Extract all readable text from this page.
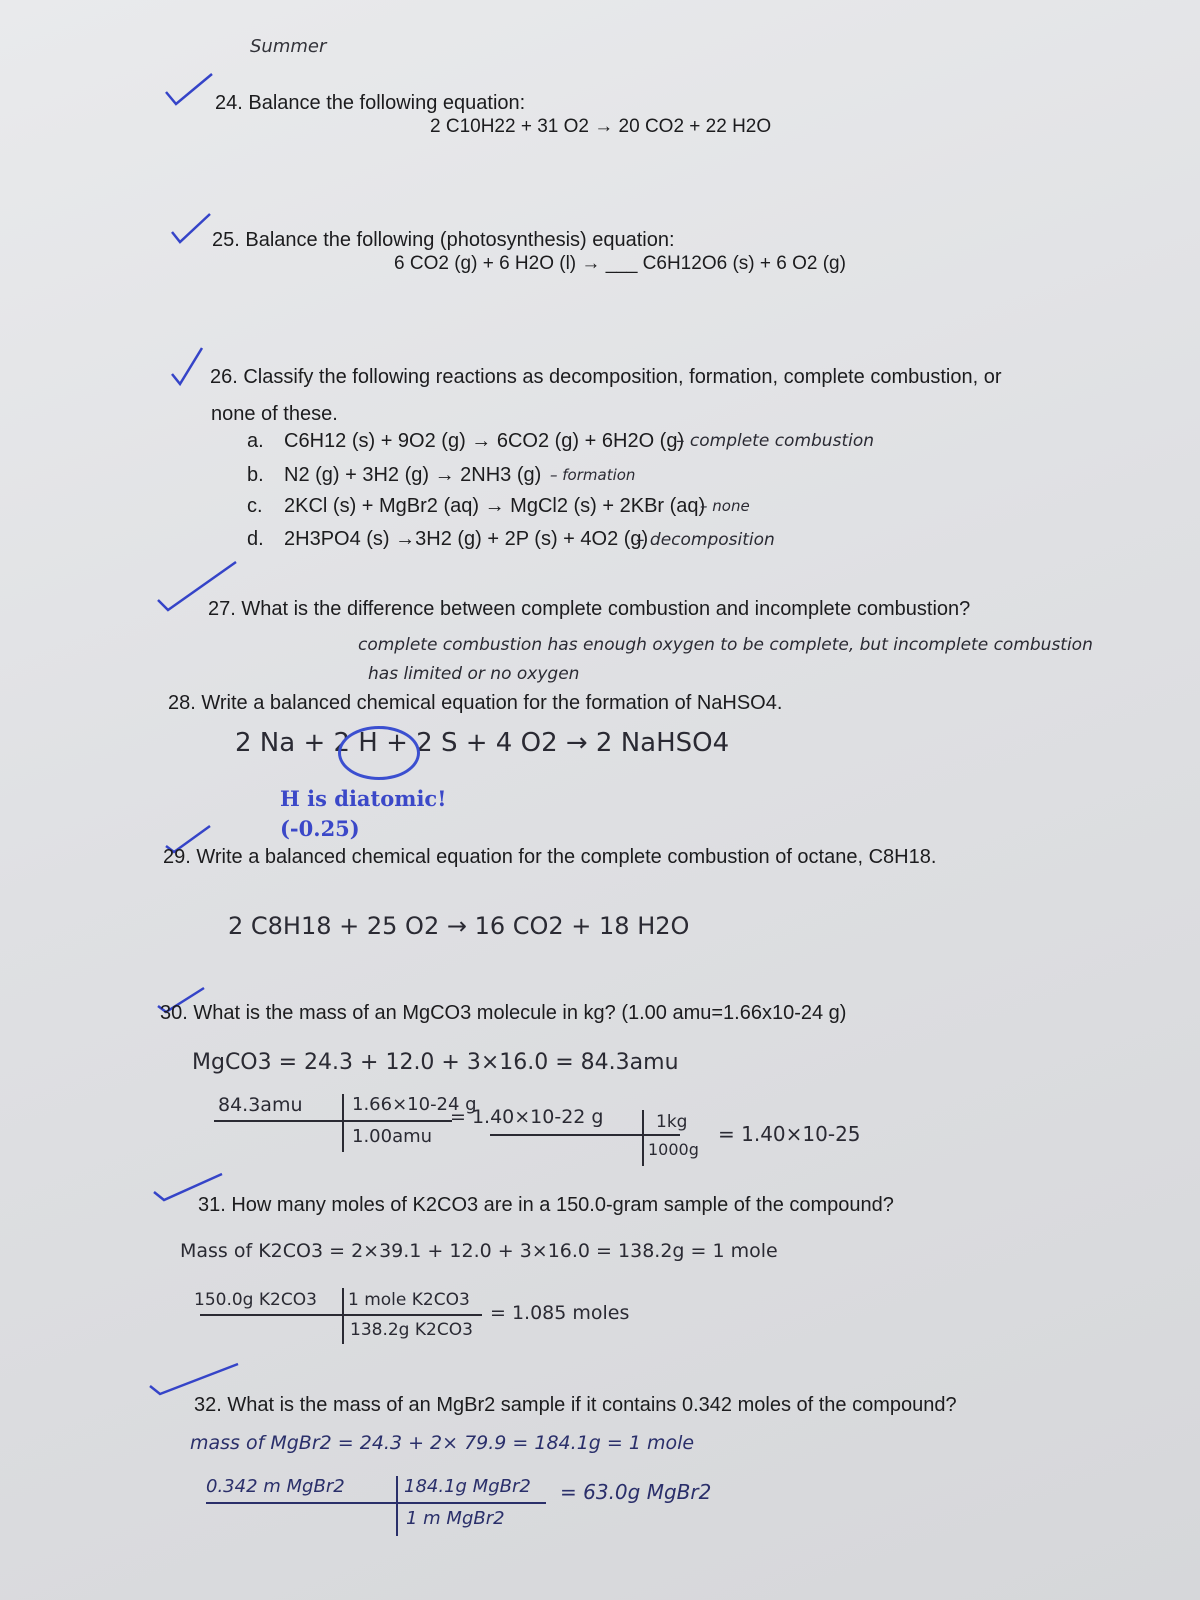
Summer
24. Balance the following equation:
2 C10H22 + 31 O2 → 20 CO2 + 22 H2O
25. Balance the following (photosynthesis) equation:
6 CO2 (g) + 6 H2O (l) → ___ C6H12O6 (s) + 6 O2 (g)
26. Classify the following reactions as decomposition, formation, complete combustion, or
none of these.
a. C6H12 (s) + 9O2 (g) → 6CO2 (g) + 6H2O (g)
– complete combustion
b. N2 (g) + 3H2 (g) → 2NH3 (g) – formation
c. 2KCl (s) + MgBr2 (aq) → MgCl2 (s) + 2KBr (aq)
– none
d. 2H3PO4 (s) →3H2 (g) + 2P (s) + 4O2 (g)
– decomposition
27. What is the difference between complete combustion and incomplete combustion?
complete combustion has enough oxygen to be complete, but incomplete combustion
has limited or no oxygen
28. Write a balanced chemical equation for the formation of NaHSO4.
2 Na + 2 H + 2 S + 4 O2 → 2 NaHSO4
H is diatomic!
(-0.25)
29. Write a balanced chemical equation for the complete combustion of octane, C8H18.
2 C8H18 + 25 O2 → 16 CO2 + 18 H2O
30. What is the mass of an MgCO3 molecule in kg? (1.00 amu=1.66x10-24 g)
MgCO3 = 24.3 + 12.0 + 3×16.0 = 84.3amu
84.3amu	1.66×10-24 g
1.00amu
= 1.40×10-22 g	1kg
1000g
= 1.40×10-25
31. How many moles of K2CO3 are in a 150.0-gram sample of the compound?
Mass of K2CO3 = 2×39.1 + 12.0 + 3×16.0 = 138.2g = 1 mole
150.0g K2CO3 1 mole K2CO3
138.2g K2CO3
= 1.085 moles
32. What is the mass of an MgBr2 sample if it contains 0.342 moles of the compound?
mass of MgBr2 = 24.3 + 2× 79.9 = 184.1g = 1 mole
0.342 m MgBr2	184.1g MgBr2
1 m MgBr2
= 63.0g MgBr2
